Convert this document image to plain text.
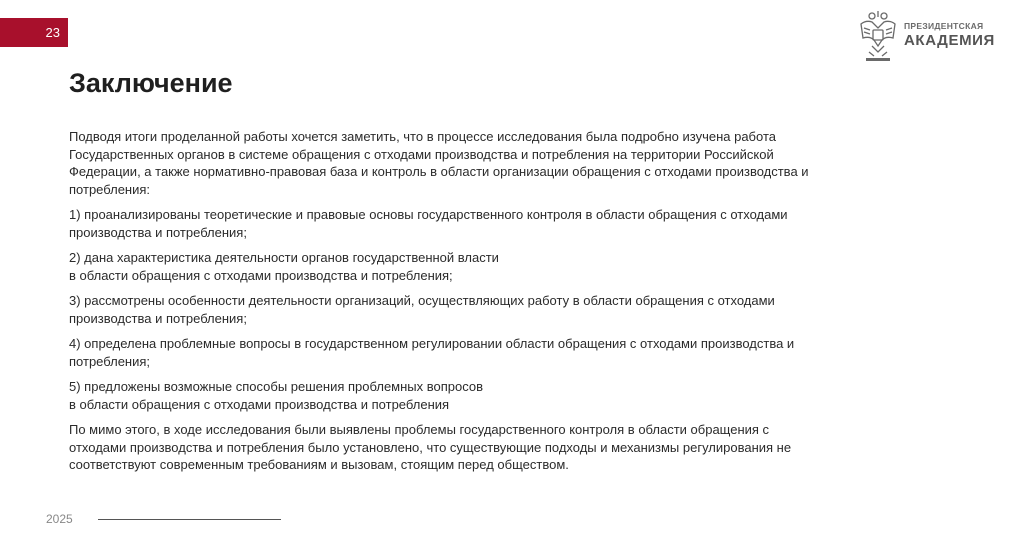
23	ПРЕЗИДЕНТСКАЯ
АКАДЕМИЯ
Заключение

Подводя итоги проделанной работы хочется заметить, что в процессе исследования была подробно изучена работа
Государственных органов в системе обращения с отходами производства и потребления на территории Российской
Федерации, а также нормативно-правовая база и контроль в области организации обращения с отходами производства и
потребления:

1) проанализированы теоретические и правовые основы государственного контроля в области обращения с отходами
производства и потребления;

2) дана характеристика деятельности органов государственной власти
в области обращения с отходами производства и потребления;

3) рассмотрены особенности деятельности организаций, осуществляющих работу в области обращения с отходами
производства и потребления;

4) определена проблемные вопросы в государственном регулировании области обращения с отходами производства и
потребления;

5) предложены возможные способы решения проблемных вопросов
в области обращения с отходами производства и потребления

По мимо этого, в ходе исследования были выявлены проблемы государственного контроля в области обращения с
отходами производства и потребления было установлено, что существующие подходы и механизмы регулирования не
соответствуют современным требованиям и вызовам, стоящим перед обществом.

2025
